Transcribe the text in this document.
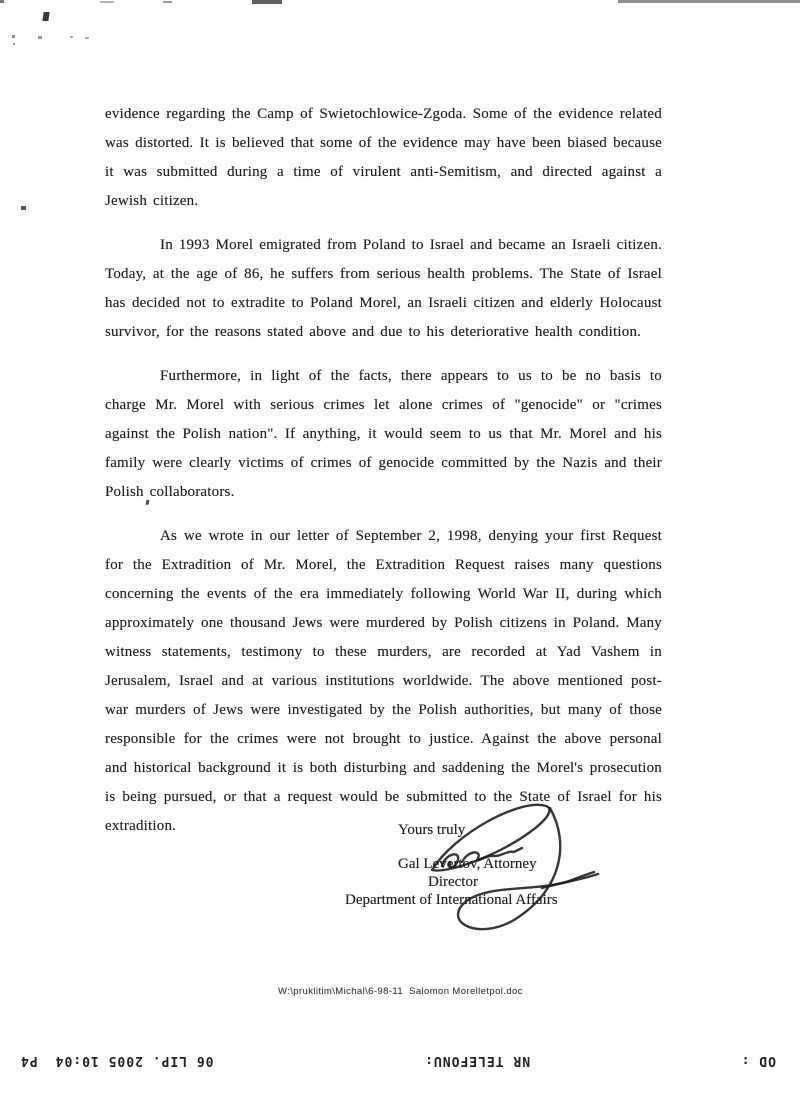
evidence regarding the Camp of Swietochlowice-Zgoda. Some of the evidence related was distorted. It is believed that some of the evidence may have been biased because it was submitted during a time of virulent anti-Semitism, and directed against a Jewish citizen.

In 1993 Morel emigrated from Poland to Israel and became an Israeli citizen. Today, at the age of 86, he suffers from serious health problems. The State of Israel has decided not to extradite to Poland Morel, an Israeli citizen and elderly Holocaust survivor, for the reasons stated above and due to his deteriorative health condition.

Furthermore, in light of the facts, there appears to us to be no basis to charge Mr. Morel with serious crimes let alone crimes of "genocide" or "crimes against the Polish nation". If anything, it would seem to us that Mr. Morel and his family were clearly victims of crimes of genocide committed by the Nazis and their Polish collaborators.

As we wrote in our letter of September 2, 1998, denying your first Request for the Extradition of Mr. Morel, the Extradition Request raises many questions concerning the events of the era immediately following World War II, during which approximately one thousand Jews were murdered by Polish citizens in Poland. Many witness statements, testimony to these murders, are recorded at Yad Vashem in Jerusalem, Israel and at various institutions worldwide. The above mentioned post-war murders of Jews were investigated by the Polish authorities, but many of those responsible for the crimes were not brought to justice. Against the above personal and historical background it is both disturbing and saddening the Morel's prosecution is being pursued, or that a request would be submitted to the State of Israel for his extradition.	Yours truly
Gal Levertov, Attorney
Director
Department of International Affairs
W:\pruklitim\Michal\6-98-11  Salomon Morelletpol.doc
OD :
NR TELEFONU:
06 LIP. 2005 10:04
P4
